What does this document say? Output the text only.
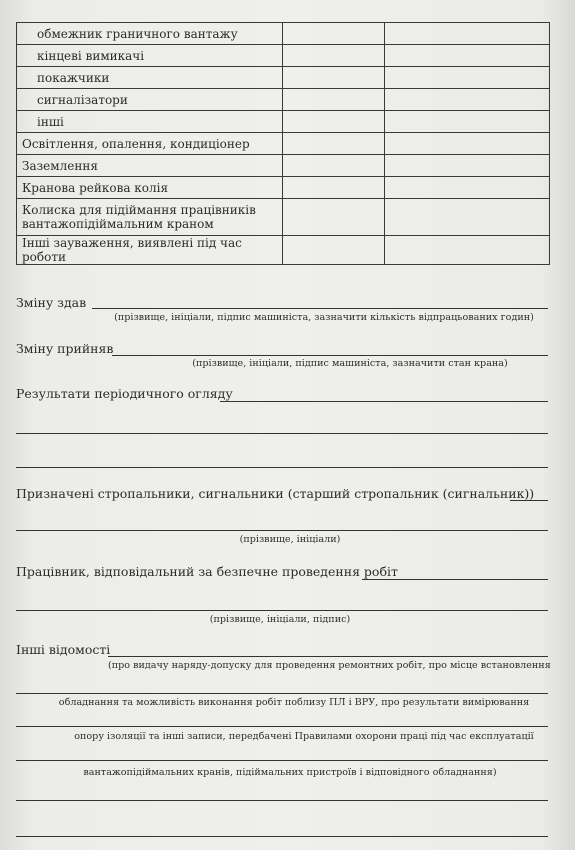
обмежник граничного вантажу		
кінцеві вимикачі		
покажчики		
сигналізатори		
інші		
Освітлення, опалення, кондиціонер		
Заземлення		
Кранова рейкова колія		
Колиска для підіймання працівників вантажопідіймальним краном		
Інші зауваження, виявлені під час роботи		
Зміну здав
(прізвище, ініціали, підпис машиніста, зазначити кількість відпрацьованих годин)
Зміну прийняв
(прізвище, ініціали, підпис машиніста, зазначити стан крана)
Результати періодичного огляду
Призначені стропальники, сигнальники (старший стропальник (сигнальник))
(прізвище, ініціали)
Працівник, відповідальний за безпечне проведення робіт
(прізвище, ініціали, підпис)
Інші відомості
(про видачу наряду-допуску для проведення ремонтних робіт, про місце встановлення
обладнання та можливість виконання робіт поблизу ПЛ і ВРУ, про результати вимірювання
опору ізоляції та інші записи, передбачені Правилами охорони праці під час експлуатації
вантажопідіймальних кранів, підіймальних пристроїв і відповідного обладнання)
